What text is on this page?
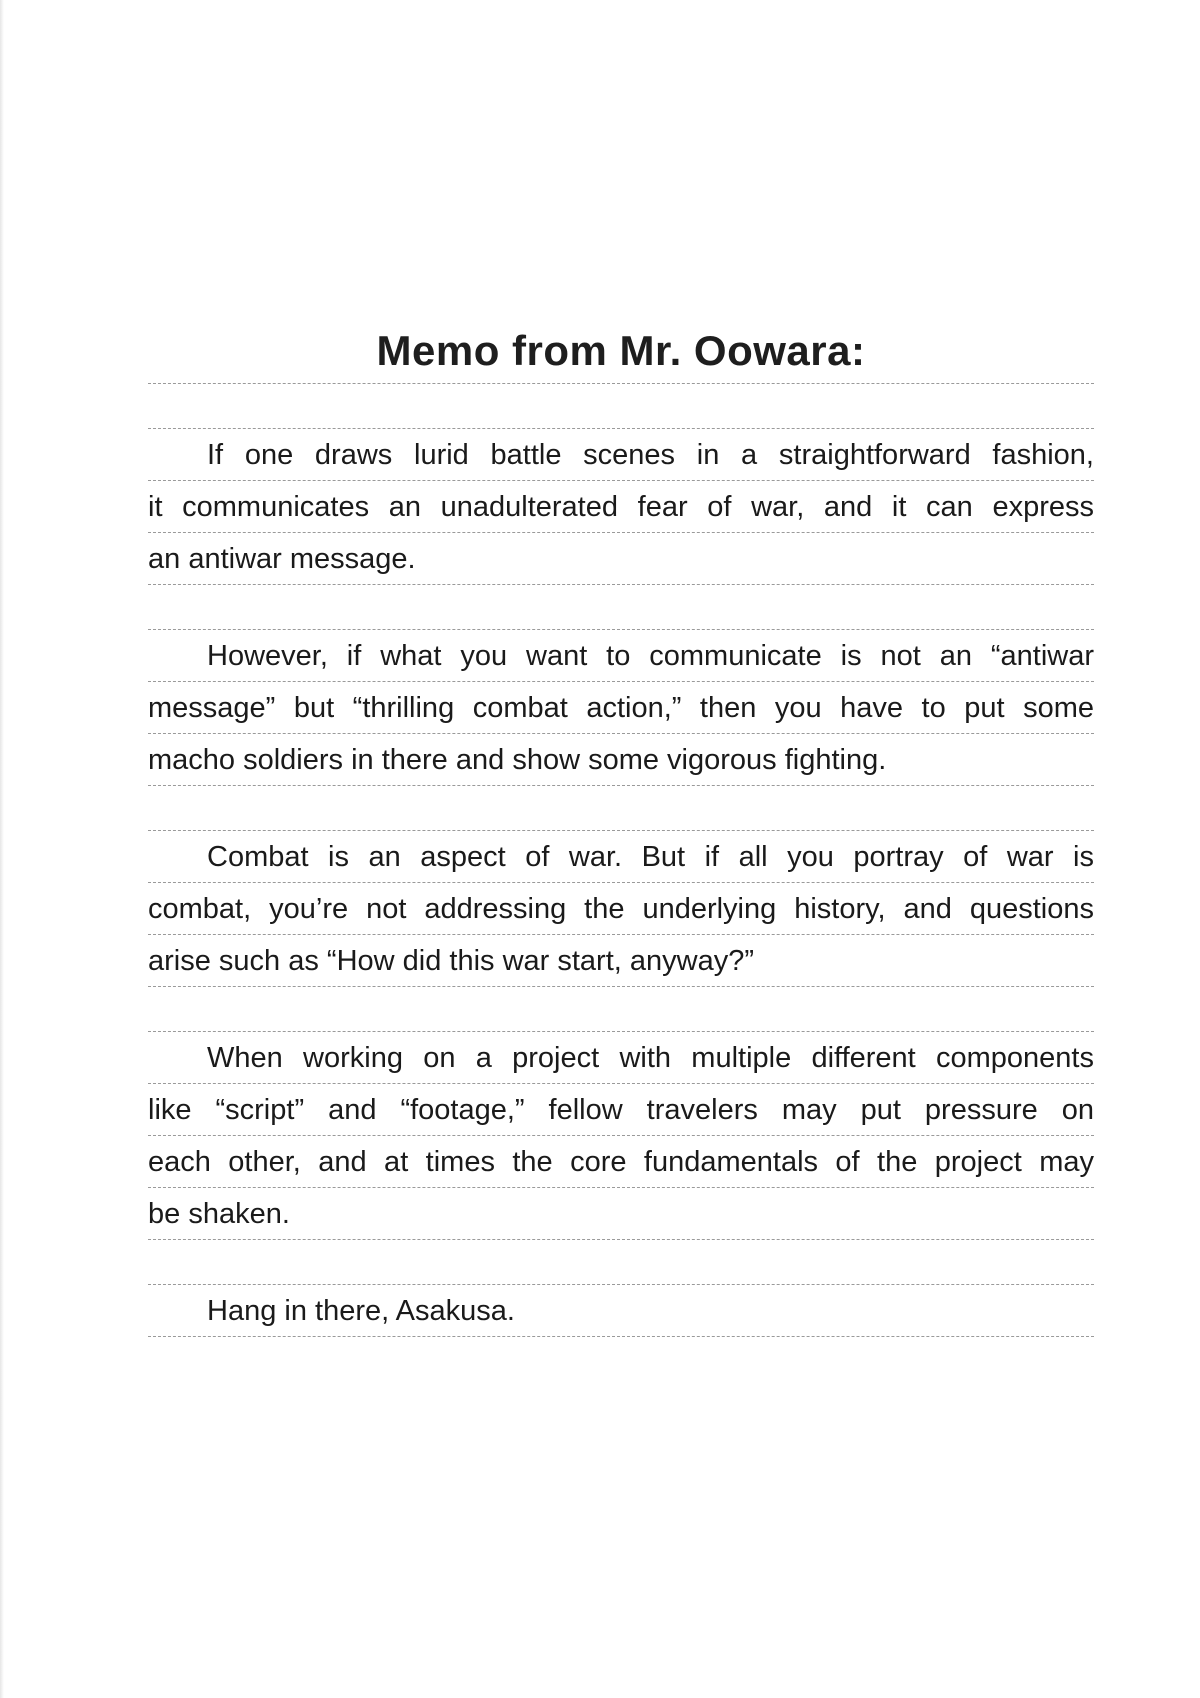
Memo from Mr. Oowara:
If one draws lurid battle scenes in a straightforward fashion,
it communicates an unadulterated fear of war, and it can express
an antiwar message.
However, if what you want to communicate is not an “antiwar
message” but “thrilling combat action,” then you have to put some
macho soldiers in there and show some vigorous fighting.
Combat is an aspect of war. But if all you portray of war is
combat, you’re not addressing the underlying history, and questions
arise such as “How did this war start, anyway?”
When working on a project with multiple different components
like “script” and “footage,” fellow travelers may put pressure on
each other, and at times the core fundamentals of the project may
be shaken.
Hang in there, Asakusa.
